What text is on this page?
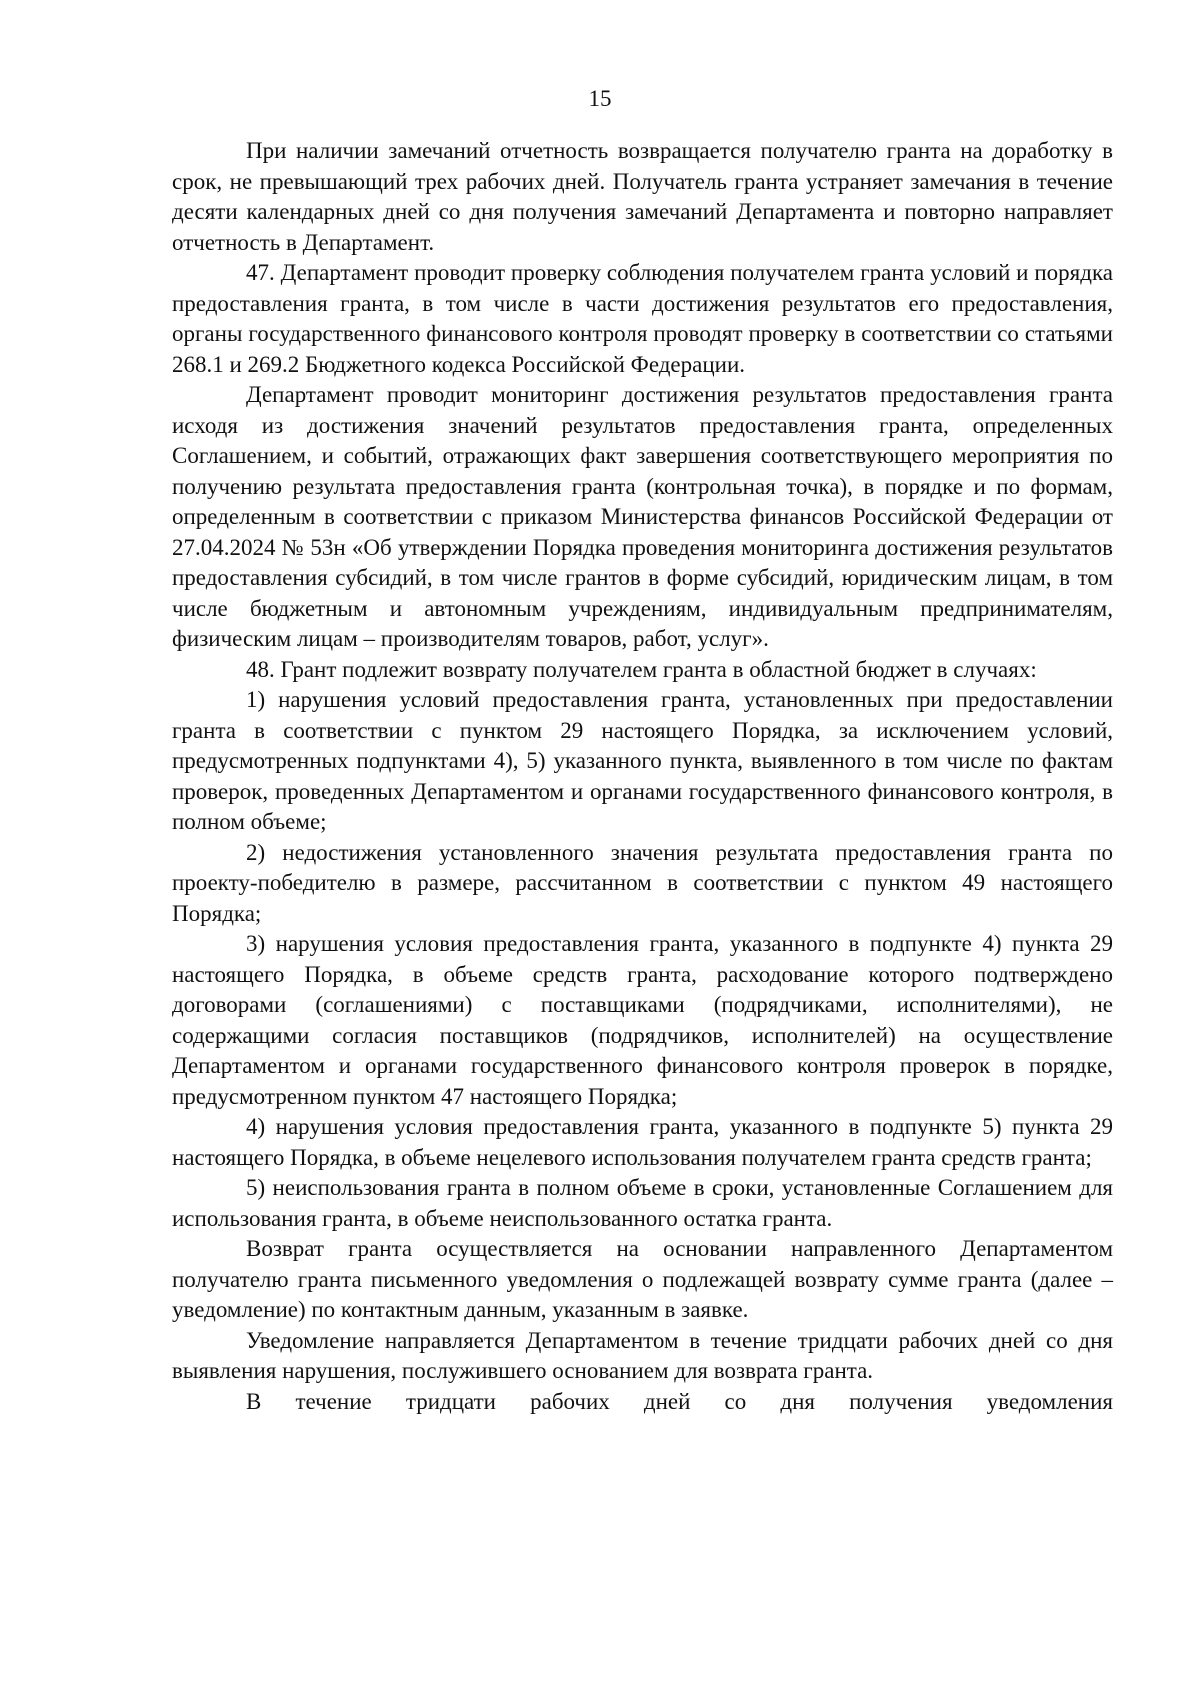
15

При наличии замечаний отчетность возвращается получателю гранта на доработку в срок, не превышающий трех рабочих дней. Получатель гранта устраняет замечания в течение десяти календарных дней со дня получения замечаний Департамента и повторно направляет отчетность в Департамент.

47. Департамент проводит проверку соблюдения получателем гранта условий и порядка предоставления гранта, в том числе в части достижения результатов его предоставления, органы государственного финансового контроля проводят проверку в соответствии со статьями 268.1 и 269.2 Бюджетного кодекса Российской Федерации.

Департамент проводит мониторинг достижения результатов предоставления гранта исходя из достижения значений результатов предоставления гранта, определенных Соглашением, и событий, отражающих факт завершения соответствующего мероприятия по получению результата предоставления гранта (контрольная точка), в порядке и по формам, определенным в соответствии с приказом Министерства финансов Российской Федерации от 27.04.2024 № 53н «Об утверждении Порядка проведения мониторинга достижения результатов предоставления субсидий, в том числе грантов в форме субсидий, юридическим лицам, в том числе бюджетным и автономным учреждениям, индивидуальным предпринимателям, физическим лицам – производителям товаров, работ, услуг».

48. Грант подлежит возврату получателем гранта в областной бюджет в случаях:

1) нарушения условий предоставления гранта, установленных при предоставлении гранта в соответствии с пунктом 29 настоящего Порядка, за исключением условий, предусмотренных подпунктами 4), 5) указанного пункта, выявленного в том числе по фактам проверок, проведенных Департаментом и органами государственного финансового контроля, в полном объеме;

2) недостижения установленного значения результата предоставления гранта по проекту-победителю в размере, рассчитанном в соответствии с пунктом 49 настоящего Порядка;

3) нарушения условия предоставления гранта, указанного в подпункте 4) пункта 29 настоящего Порядка, в объеме средств гранта, расходование которого подтверждено договорами (соглашениями) с поставщиками (подрядчиками, исполнителями), не содержащими согласия поставщиков (подрядчиков, исполнителей) на осуществление Департаментом и органами государственного финансового контроля проверок в порядке, предусмотренном пунктом 47 настоящего Порядка;

4) нарушения условия предоставления гранта, указанного в подпункте 5) пункта 29 настоящего Порядка, в объеме нецелевого использования получателем гранта средств гранта;

5) неиспользования гранта в полном объеме в сроки, установленные Соглашением для использования гранта, в объеме неиспользованного остатка гранта.

Возврат гранта осуществляется на основании направленного Департаментом получателю гранта письменного уведомления о подлежащей возврату сумме гранта (далее – уведомление) по контактным данным, указанным в заявке.

Уведомление направляется Департаментом в течение тридцати рабочих дней со дня выявления нарушения, послужившего основанием для возврата гранта.

В течение тридцати рабочих дней со дня получения уведомления
